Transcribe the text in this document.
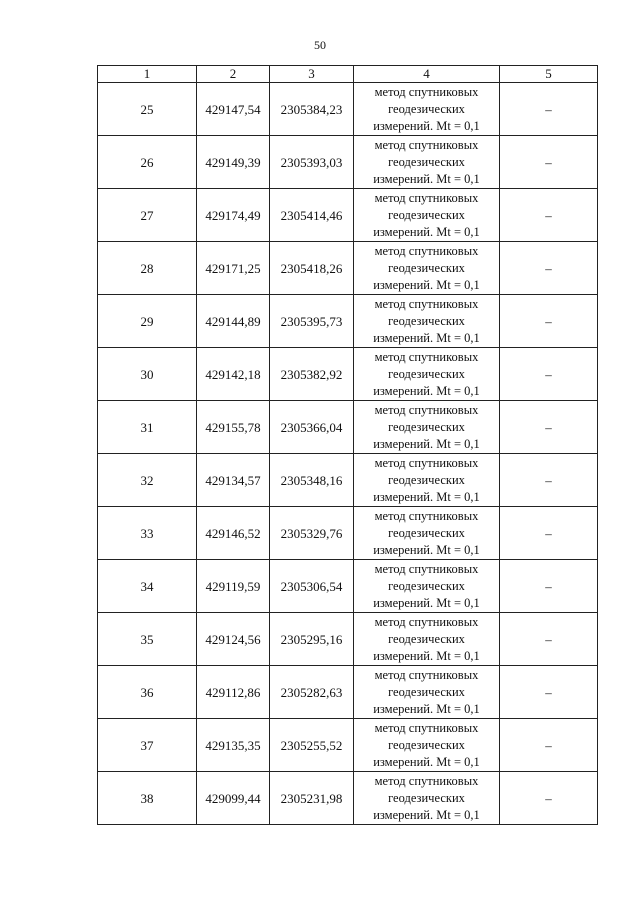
50
1	2	3	4	5
25	429147,54	2305384,23	метод спутниковых
геодезических
измерений. Mt = 0,1	–
26	429149,39	2305393,03	метод спутниковых
геодезических
измерений. Mt = 0,1	–
27	429174,49	2305414,46	метод спутниковых
геодезических
измерений. Mt = 0,1	–
28	429171,25	2305418,26	метод спутниковых
геодезических
измерений. Mt = 0,1	–
29	429144,89	2305395,73	метод спутниковых
геодезических
измерений. Mt = 0,1	–
30	429142,18	2305382,92	метод спутниковых
геодезических
измерений. Mt = 0,1	–
31	429155,78	2305366,04	метод спутниковых
геодезических
измерений. Mt = 0,1	–
32	429134,57	2305348,16	метод спутниковых
геодезических
измерений. Mt = 0,1	–
33	429146,52	2305329,76	метод спутниковых
геодезических
измерений. Mt = 0,1	–
34	429119,59	2305306,54	метод спутниковых
геодезических
измерений. Mt = 0,1	–
35	429124,56	2305295,16	метод спутниковых
геодезических
измерений. Mt = 0,1	–
36	429112,86	2305282,63	метод спутниковых
геодезических
измерений. Mt = 0,1	–
37	429135,35	2305255,52	метод спутниковых
геодезических
измерений. Mt = 0,1	–
38	429099,44	2305231,98	метод спутниковых
геодезических
измерений. Mt = 0,1	–
